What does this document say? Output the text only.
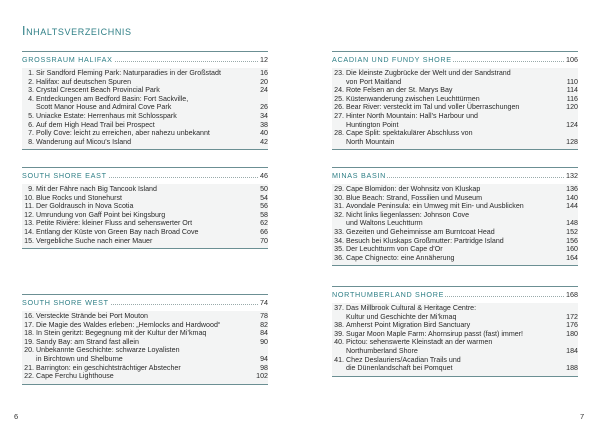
Inhaltsverzeichnis
GROSSRAUM HALIFAX	12
1. Sir Sandford Fleming Park: Naturparadies in der Großstadt	16
2. Halifax: auf deutschen Spuren	20
3. Crystal Crescent Beach Provincial Park	24
4. Entdeckungen am Bedford Basin: Fort Sackville,
Scott Manor House and Admiral Cove Park	26
5. Uniacke Estate: Herrenhaus mit Schlosspark	34
6. Auf dem High Head Trail bei Prospect	38
7. Polly Cove: leicht zu erreichen, aber nahezu unbekannt	40
8. Wanderung auf Micou’s Island	42
SOUTH SHORE EAST	46
9. Mit der Fähre nach Big Tancook Island	50
10. Blue Rocks und Stonehurst	54
11. Der Goldrausch in Nova Scotia	56
12. Umrundung von Gaff Point bei Kingsburg	58
13. Petite Rivière: kleiner Fluss and sehenswerter Ort	62
14. Entlang der Küste von Green Bay nach Broad Cove	66
15. Vergebliche Suche nach einer Mauer	70
SOUTH SHORE WEST	74
16. Versteckte Strände bei Port Mouton	78
17. Die Magie des Waldes erleben: „Hemlocks and Hardwood“	82
18. In Stein geritzt: Begegnung mit der Kultur der Mi’kmaq	84
19. Sandy Bay: am Strand fast allein	90
20. Unbekannte Geschichte: schwarze Loyalisten
in Birchtown und Shelburne	94
21. Barrington: ein geschichtsträchtiger Abstecher	98
22. Cape Ferchu Lighthouse	102
ACADIAN UND FUNDY SHORE	106
23. Die kleinste Zugbrücke der Welt und der Sandstrand
von Port Maitland	110
24. Rote Felsen an der St. Marys Bay	114
25. Küstenwanderung zwischen Leuchttürmen	116
26. Bear River: versteckt im Tal und voller Überraschungen	120
27. Hinter North Mountain: Hall’s Harbour und
Huntington Point	124
28. Cape Split: spektakulärer Abschluss von
North Mountain	128
MINAS BASIN	132
29. Cape Blomidon: der Wohnsitz von Kluskap	136
30. Blue Beach: Strand, Fossilien und Museum	140
31. Avondale Peninsula: ein Umweg mit Ein- und Ausblicken	144
32. Nicht links liegenlassen: Johnson Cove
und Waltons Leuchtturm	148
33. Gezeiten und Geheimnisse am Burntcoat Head	152
34. Besuch bei Kluskaps Großmutter: Partridge Island	156
35. Der Leuchtturm von Cape d’Or	160
36. Cape Chignecto: eine Annäherung	164
NORTHUMBERLAND SHORE	168
37. Das Millbrook Cultural & Heritage Centre:
Kultur und Geschichte der Mi’kmaq	172
38. Amherst Point Migration Bird Sanctuary	176
39. Sugar Moon Maple Farm: Ahornsirup passt (fast) immer!	180
40. Pictou: sehenswerte Kleinstadt an der warmen
Northumberland Shore	184
41. Chez Deslauriers/Acadian Trails und
die Dünenlandschaft bei Pomquet	188
6	7
